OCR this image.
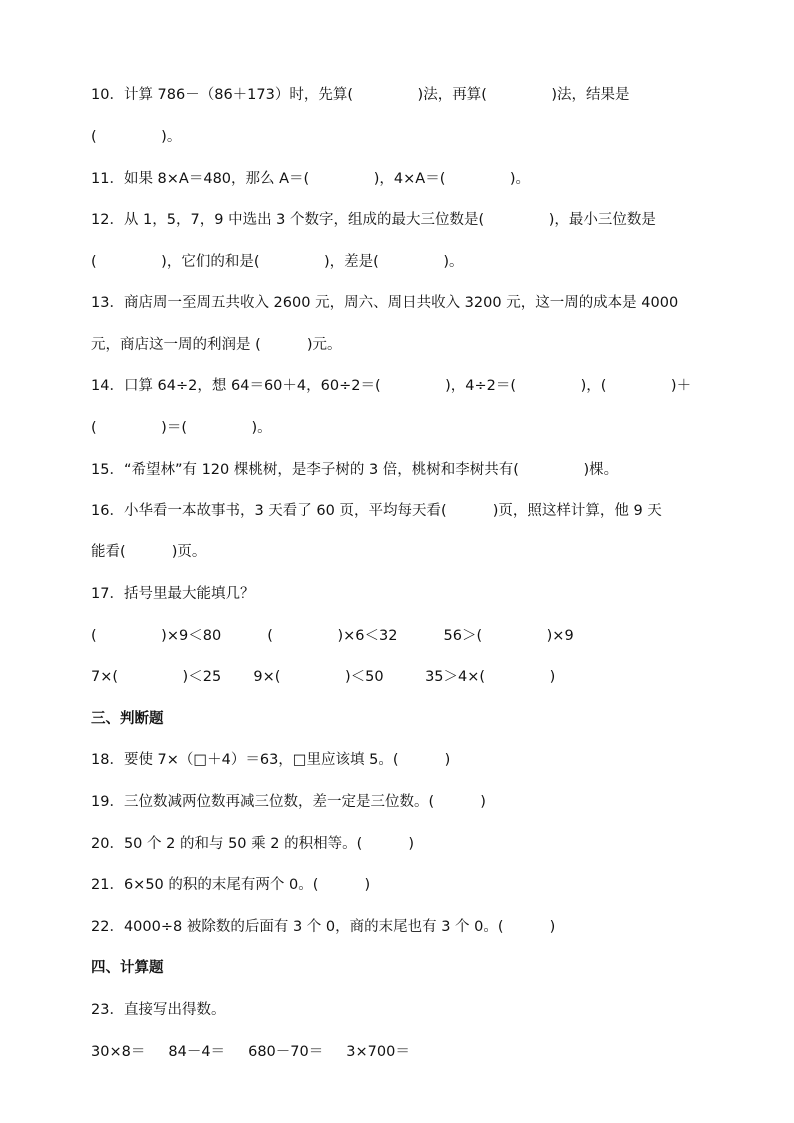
10．计算 786－（86＋173）时，先算(              )法，再算(              )法，结果是
(              )。
11．如果 8×A＝480，那么 A＝(              )，4×A＝(              )。
12．从 1，5，7，9 中选出 3 个数字，组成的最大三位数是(              )，最小三位数是
(              )，它们的和是(              )，差是(              )。
13．商店周一至周五共收入 2600 元，周六、周日共收入 3200 元，这一周的成本是 4000
元，商店这一周的利润是 (          )元。
14．口算 64÷2，想 64＝60＋4，60÷2＝(              )，4÷2＝(              )，(              )＋
(              )＝(              )。
15．“希望林”有 120 棵桃树，是李子树的 3 倍，桃树和李树共有(              )棵。
16．小华看一本故事书，3 天看了 60 页，平均每天看(          )页，照这样计算，他 9 天
能看(          )页。
17．括号里最大能填几？
(              )×9＜80          (              )×6＜32          56＞(              )×9
7×(              )＜25       9×(              )＜50         35＞4×(              )
三、判断题
18．要使 7×（□＋4）＝63，□里应该填 5。(          )
19．三位数减两位数再减三位数，差一定是三位数。(          )
20．50 个 2 的和与 50 乘 2 的积相等。(          )
21．6×50 的积的末尾有两个 0。(          )
22．4000÷8 被除数的后面有 3 个 0，商的末尾也有 3 个 0。(          )
四、计算题
23．直接写出得数。
30×8＝     84－4＝     680－70＝     3×700＝
